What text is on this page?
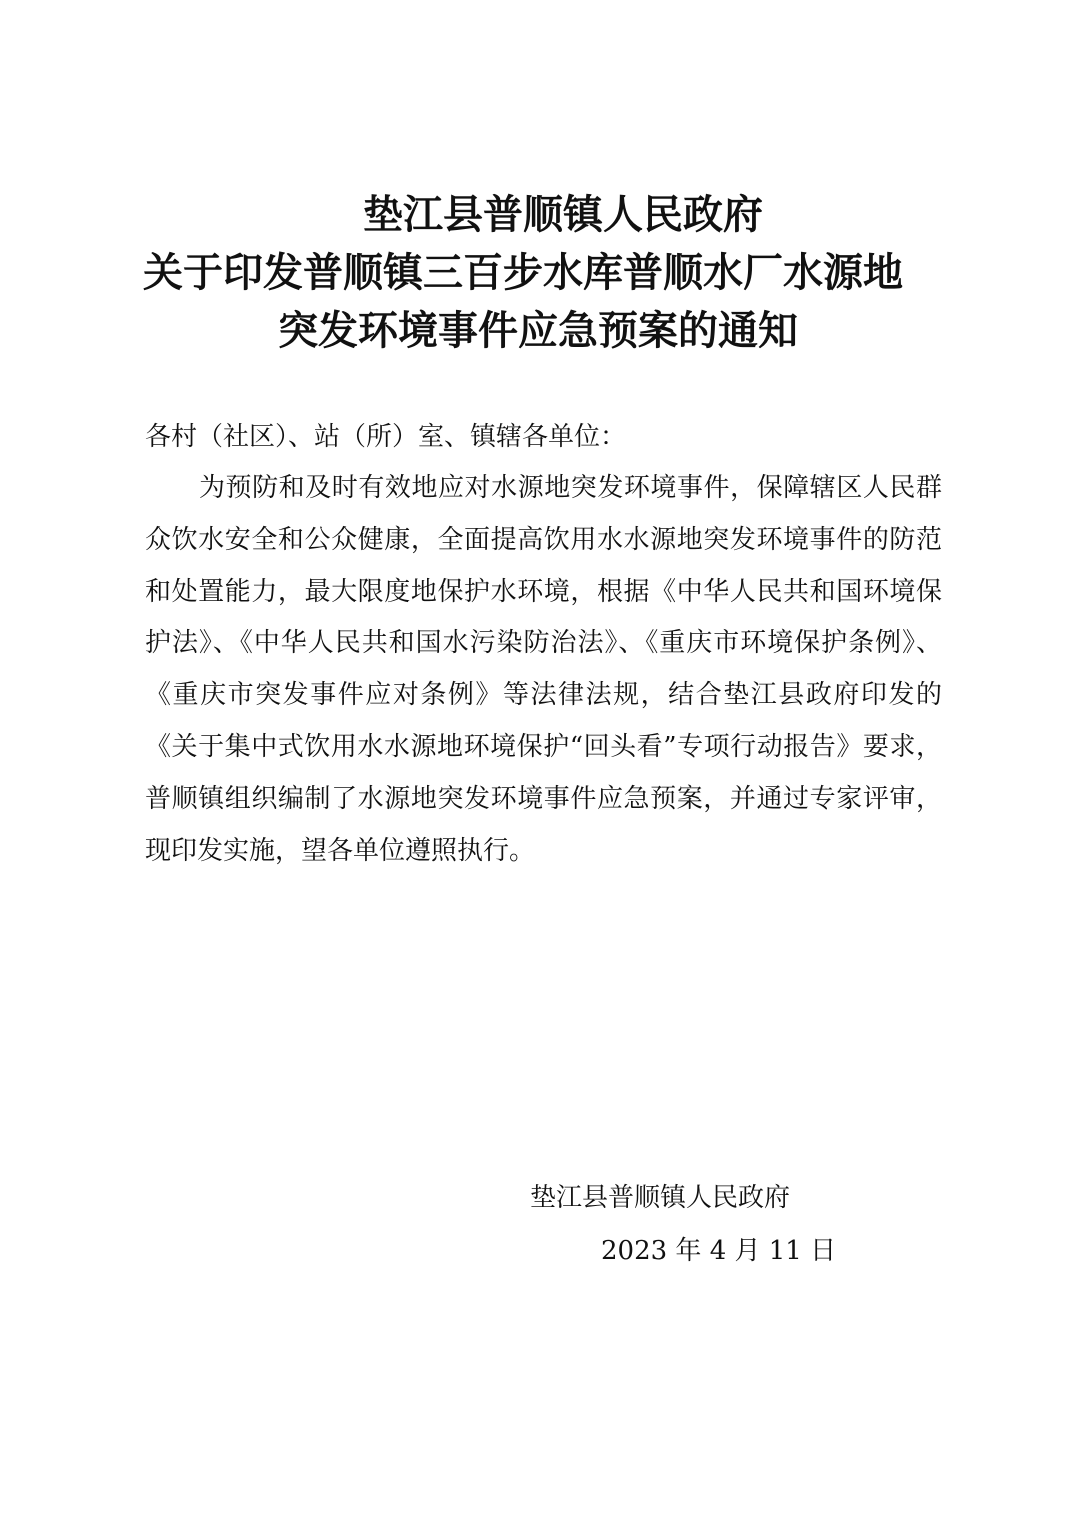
垫江县普顺镇人民政府
关于印发普顺镇三百步水库普顺水厂水源地
突发环境事件应急预案的通知
各村（社区）、站（所）室、镇辖各单位：
为预防和及时有效地应对水源地突发环境事件，保障辖区人民群众饮水安全和公众健康，全面提高饮用水水源地突发环境事件的防范和处置能力，最大限度地保护水环境，根据《中华人民共和国环境保护法》、《中华人民共和国水污染防治法》、《重庆市环境保护条例》、《重庆市突发事件应对条例》等法律法规，结合垫江县政府印发的《关于集中式饮用水水源地环境保护“回头看”专项行动报告》要求，普顺镇组织编制了水源地突发环境事件应急预案，并通过专家评审，现印发实施，望各单位遵照执行。
垫江县普顺镇人民政府
2023 年 4 月 11 日
